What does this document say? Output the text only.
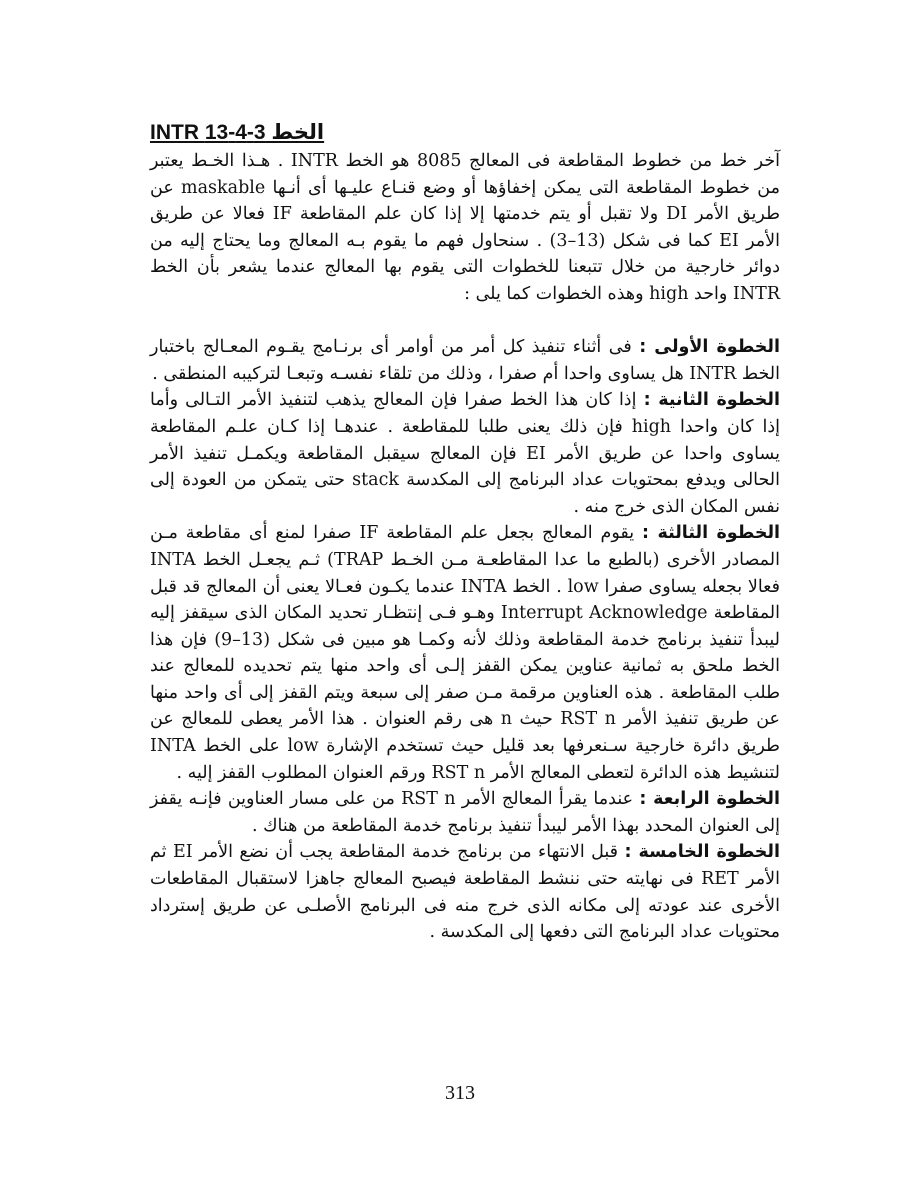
INTR الخط 3-4-13

آخر خط من خطوط المقاطعة فى المعالج 8085 هو الخط INTR . هـذا الخـط يعتبر من خطوط المقاطعة التى يمكن إخفاؤها أو وضع قنـاع عليـها أى أنـها maskable عن طريق الأمر DI ولا تقبل أو يتم خدمتها إلا إذا كان علم المقاطعة IF فعالا عن طريق الأمر EI كما فى شكل (13–3) . سنحاول فهم ما يقوم بـه المعالج وما يحتاج إليه من دوائر خارجية من خلال تتبعنا للخطوات التى يقوم بها المعالج عندما يشعر بأن الخط INTR واحد high وهذه الخطوات كما يلى :

الخطوة الأولى : فى أثناء تنفيذ كل أمر من أوامر أى برنـامج يقـوم المعـالج باختبار الخط INTR هل يساوى واحدا أم صفرا ، وذلك من تلقاء نفسـه وتبعـا لتركيبه المنطقى .

الخطوة الثانية : إذا كان هذا الخط صفرا فإن المعالج يذهب لتنفيذ الأمر التـالى وأما إذا كان واحدا high فإن ذلك يعنى طلبا للمقاطعة . عندهـا إذا كـان علـم المقاطعة يساوى واحدا عن طريق الأمر EI فإن المعالج سيقبل المقاطعة ويكمـل تنفيذ الأمر الحالى ويدفع بمحتويات عداد البرنامج إلى المكدسة stack حتى يتمكن من العودة إلى نفس المكان الذى خرج منه .

الخطوة الثالثة : يقوم المعالج بجعل علم المقاطعة IF صفرا لمنع أى مقاطعة مـن المصادر الأخرى (بالطبع ما عدا المقاطعـة مـن الخـط TRAP) ثـم يجعـل الخط INTA فعالا بجعله يساوى صفرا low . الخط INTA عندما يكـون فعـالا يعنى أن المعالج قد قبل المقاطعة Interrupt Acknowledge وهـو فـى إنتظـار تحديد المكان الذى سيقفز إليه ليبدأ تنفيذ برنامج خدمة المقاطعة وذلك لأنه وكمـا هو مبين فى شكل (13–9) فإن هذا الخط ملحق به ثمانية عناوين يمكن القفز إلـى أى واحد منها يتم تحديده للمعالج عند طلب المقاطعة . هذه العناوين مرقمة مـن صفر إلى سبعة ويتم القفز إلى أى واحد منها عن طريق تنفيذ الأمر RST n حيث n هى رقم العنوان . هذا الأمر يعطى للمعالج عن طريق دائرة خارجية سـنعرفها بعد قليل حيث تستخدم الإشارة low على الخط INTA لتنشيط هذه الدائرة لتعطى المعالج الأمر RST n ورقم العنوان المطلوب القفز إليه .

الخطوة الرابعة : عندما يقرأ المعالج الأمر RST n من على مسار العناوين فإنـه يقفز إلى العنوان المحدد بهذا الأمر ليبدأ تنفيذ برنامج خدمة المقاطعة من هناك .

الخطوة الخامسة : قبل الانتهاء من برنامج خدمة المقاطعة يجب أن نضع الأمر EI ثم الأمر RET فى نهايته حتى ننشط المقاطعة فيصبح المعالج جاهزا لاستقبال المقاطعات الأخرى عند عودته إلى مكانه الذى خرج منه فى البرنامج الأصلـى عن طريق إسترداد محتويات عداد البرنامج التى دفعها إلى المكدسة .

313
